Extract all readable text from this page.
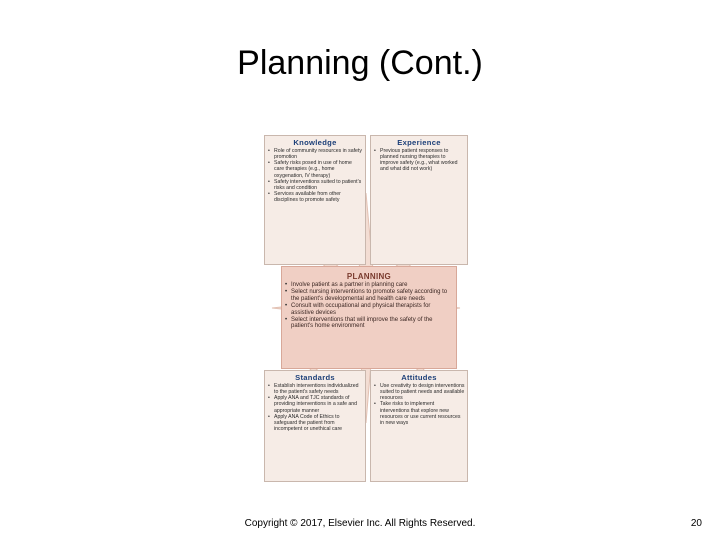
Planning (Cont.)
Knowledge
• Role of community resources in safety promotion
• Safety risks posed in use of home care therapies (e.g., home oxygenation, IV therapy)
• Safety interventions suited to patient's risks and condition
• Services available from other disciplines to promote safety
Experience
• Previous patient responses to planned nursing therapies to improve safety (e.g., what worked and what did not work)
PLANNING
• Involve patient as a partner in planning care
• Select nursing interventions to promote safety according to the patient's developmental and health care needs
• Consult with occupational and physical therapists for assistive devices
• Select interventions that will improve the safety of the patient's home environment
Standards
• Establish interventions individualized to the patient's safety needs
• Apply ANA and TJC standards of providing interventions in a safe and appropriate manner
• Apply ANA Code of Ethics to safeguard the patient from incompetent or unethical care
Attitudes
• Use creativity to design interventions suited to patient needs and available resources
• Take risks to implement interventions that explore new resources or use current resources in new ways
Copyright © 2017, Elsevier Inc. All Rights Reserved.	20
